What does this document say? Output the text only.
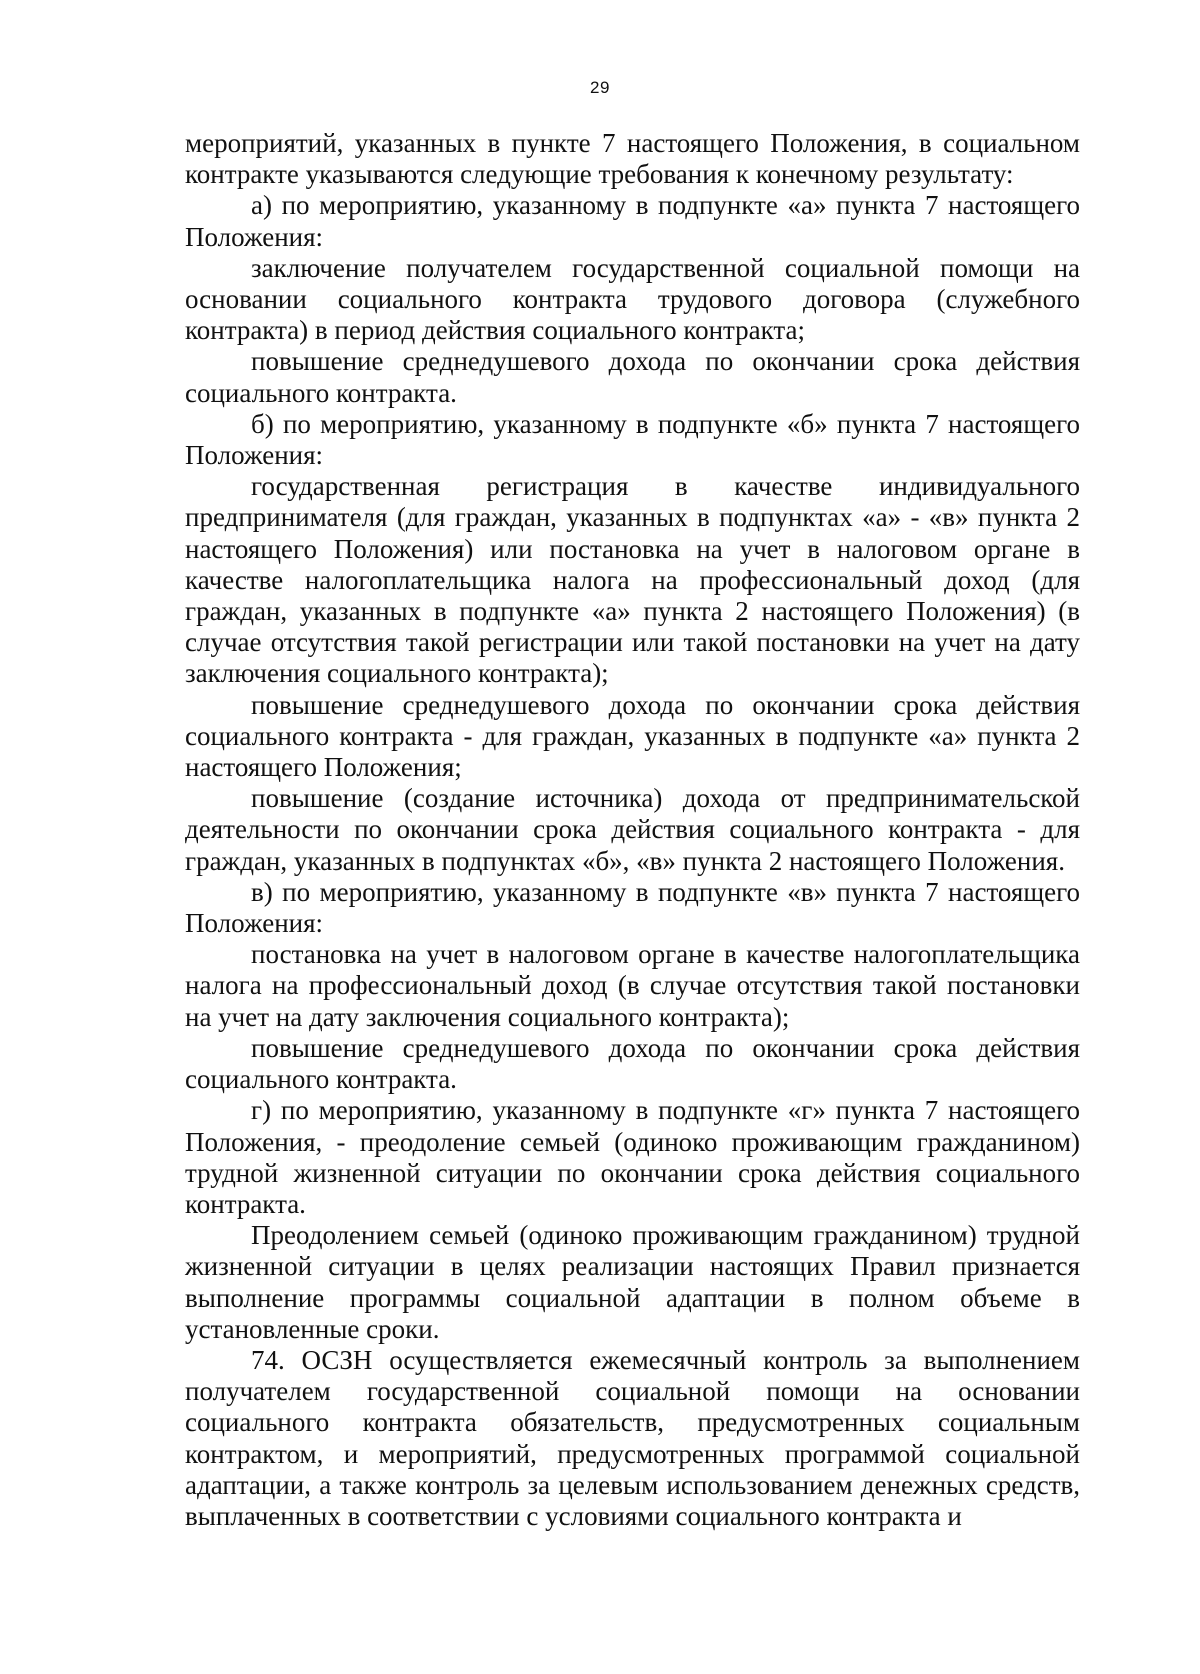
29

мероприятий, указанных в пункте 7 настоящего Положения, в социальном контракте указываются следующие требования к конечному результату:

а) по мероприятию, указанному в подпункте «а» пункта 7 настоящего Положения:

заключение получателем государственной социальной помощи на основании социального контракта трудового договора (служебного контракта) в период действия социального контракта;

повышение среднедушевого дохода по окончании срока действия социального контракта.

б) по мероприятию, указанному в подпункте «б» пункта 7 настоящего Положения:

государственная регистрация в качестве индивидуального предпринимателя (для граждан, указанных в подпунктах «а» - «в» пункта 2 настоящего Положения) или постановка на учет в налоговом органе в качестве налогоплательщика налога на профессиональный доход (для граждан, указанных в подпункте «а» пункта 2 настоящего Положения) (в случае отсутствия такой регистрации или такой постановки на учет на дату заключения социального контракта);

повышение среднедушевого дохода по окончании срока действия социального контракта - для граждан, указанных в подпункте «а» пункта 2 настоящего Положения;

повышение (создание источника) дохода от предпринимательской деятельности по окончании срока действия социального контракта - для граждан, указанных в подпунктах «б», «в» пункта 2 настоящего Положения.

в) по мероприятию, указанному в подпункте «в» пункта 7 настоящего Положения:

постановка на учет в налоговом органе в качестве налогоплательщика налога на профессиональный доход (в случае отсутствия такой постановки на учет на дату заключения социального контракта);

повышение среднедушевого дохода по окончании срока действия социального контракта.

г) по мероприятию, указанному в подпункте «г» пункта 7 настоящего Положения, - преодоление семьей (одиноко проживающим гражданином) трудной жизненной ситуации по окончании срока действия социального контракта.

Преодолением семьей (одиноко проживающим гражданином) трудной жизненной ситуации в целях реализации настоящих Правил признается выполнение программы социальной адаптации в полном объеме в установленные сроки.

74. ОСЗН осуществляется ежемесячный контроль за выполнением получателем государственной социальной помощи на основании социального контракта обязательств, предусмотренных социальным контрактом, и мероприятий, предусмотренных программой социальной адаптации, а также контроль за целевым использованием денежных средств, выплаченных в соответствии с условиями социального контракта и
